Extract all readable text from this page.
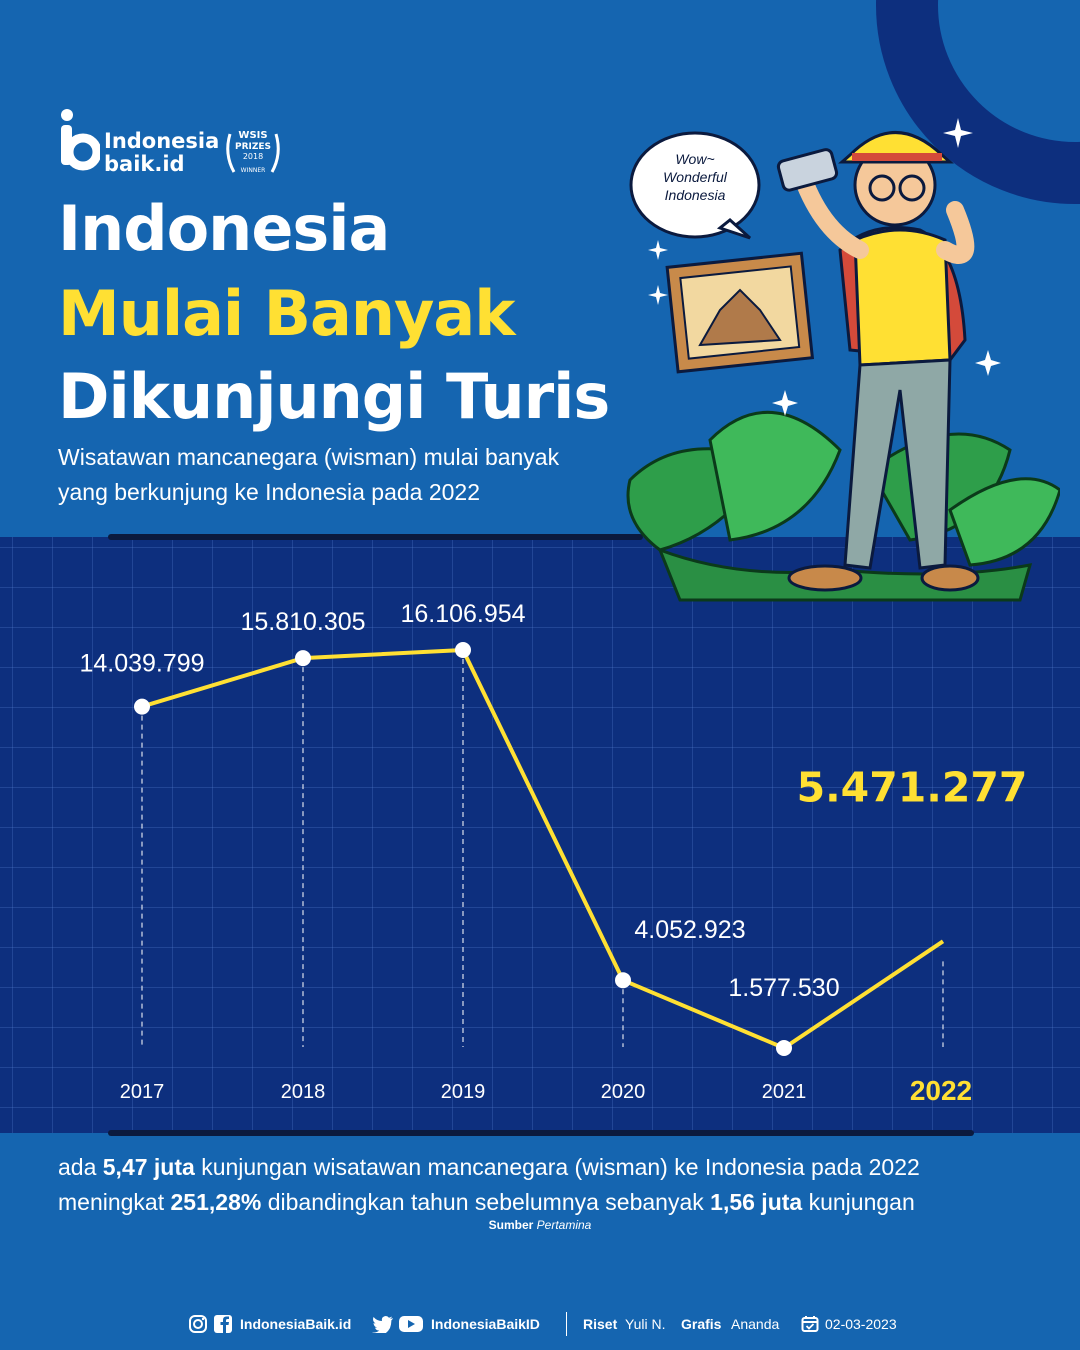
Indonesia
baik.id
WSIS
PRIZES
2018
WINNER
Indonesia
Mulai Banyak
Dikunjungi Turis
Wisatawan mancanegara (wisman) mulai banyak
yang berkunjung ke Indonesia pada 2022
Wow~
Wonderful
Indonesia
14.039.799
15.810.305 16.106.954
4.052.923
1.577.530
5.471.277
2017	2018	2019	2020	2021	2022
ada 5,47 juta kunjungan wisatawan mancanegara (wisman) ke Indonesia pada 2022
meningkat 251,28% dibandingkan tahun sebelumnya sebanyak 1,56 juta kunjungan
Sumber Pertamina
IndonesiaBaik.id	IndonesiaBaikID	Riset Yuli N. Grafis Ananda	02-03-2023
